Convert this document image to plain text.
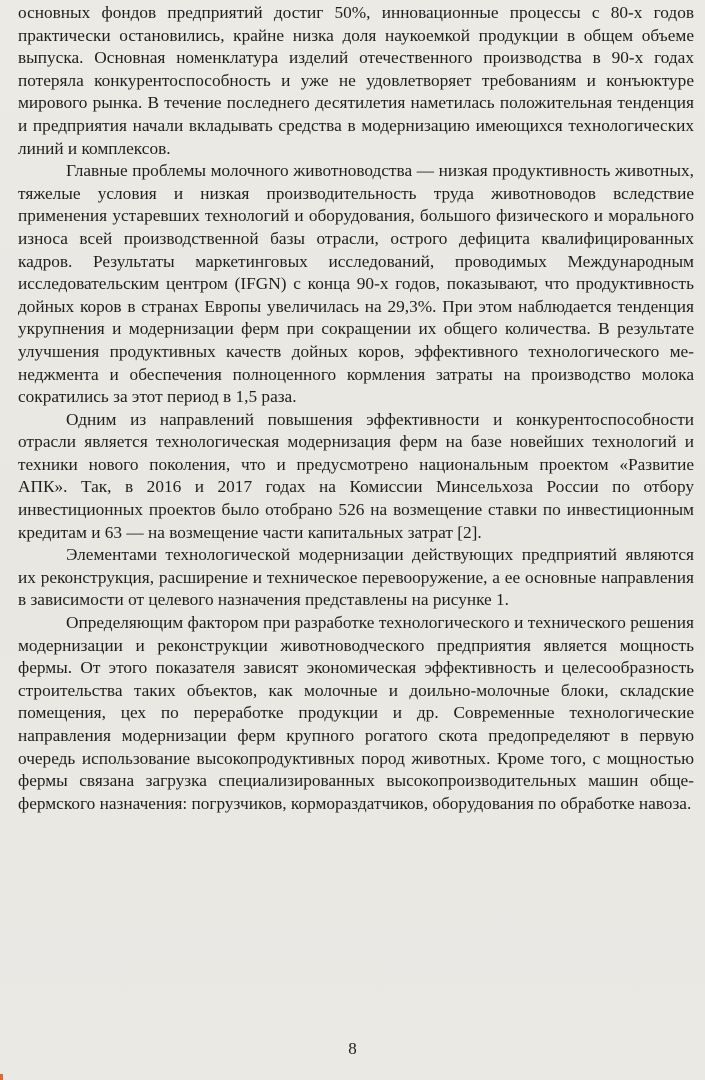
основных фондов предприятий достиг 50%, инновационные процессы с 80-х годов практически остановились, крайне низка доля наукоемкой продукции в общем объеме выпуска. Основная номенклатура изделий отечественного производства в 90-х годах потеряла конкурентоспособность и уже не удовлетворяет требованиям и конъюктуре мирового рынка. В течение последнего десятилетия наметилась положительная тенденция и предприятия начали вкладывать средства в модернизацию имеющихся технологических линий и комплексов.

Главные проблемы молочного животноводства — низкая продуктивность животных, тяжелые условия и низкая производительность труда животноводов вследствие применения устаревших технологий и оборудования, большого физического и морального износа всей производственной базы отрасли, острого дефицита квалифицированных кадров. Результаты маркетинговых исследований, проводимых Международным исследовательским центром (IFGN) с конца 90-х годов, показывают, что продуктивность дойных коров в странах Европы увеличилась на 29,3%. При этом наблюдается тенденция укрупнения и модернизации ферм при сокращении их общего количества. В результате улучшения продуктивных качеств дойных коров, эффективного технологического менеджмента и обеспечения полноценного кормления затраты на производство молока сократились за этот период в 1,5 раза.

Одним из направлений повышения эффективности и конкурентоспособности отрасли является технологическая модернизация ферм на базе новейших технологий и техники нового поколения, что и предусмотрено национальным проектом «Развитие АПК». Так, в 2016 и 2017 годах на Комиссии Минсельхоза России по отбору инвестиционных проектов было отобрано 526 на возмещение ставки по инвестиционным кредитам и 63 — на возмещение части капитальных затрат [2].

Элементами технологической модернизации действующих предприятий являются их реконструкция, расширение и техническое перевооружение, а ее основные направления в зависимости от целевого назначения представлены на рисунке 1.

Определяющим фактором при разработке технологического и технического решения модернизации и реконструкции животноводческого предприятия является мощность фермы. От этого показателя зависят экономическая эффективность и целесообразность строительства таких объектов, как молочные и доильно-молочные блоки, складские помещения, цех по переработке продукции и др. Современные технологические направления модернизации ферм крупного рогатого скота предопределяют в первую очередь использование высокопродуктивных пород животных. Кроме того, с мощностью фермы связана загрузка специализированных высокопроизводительных машин общефермского назначения: погрузчиков, кормораздатчиков, оборудования по обработке навоза.

8
